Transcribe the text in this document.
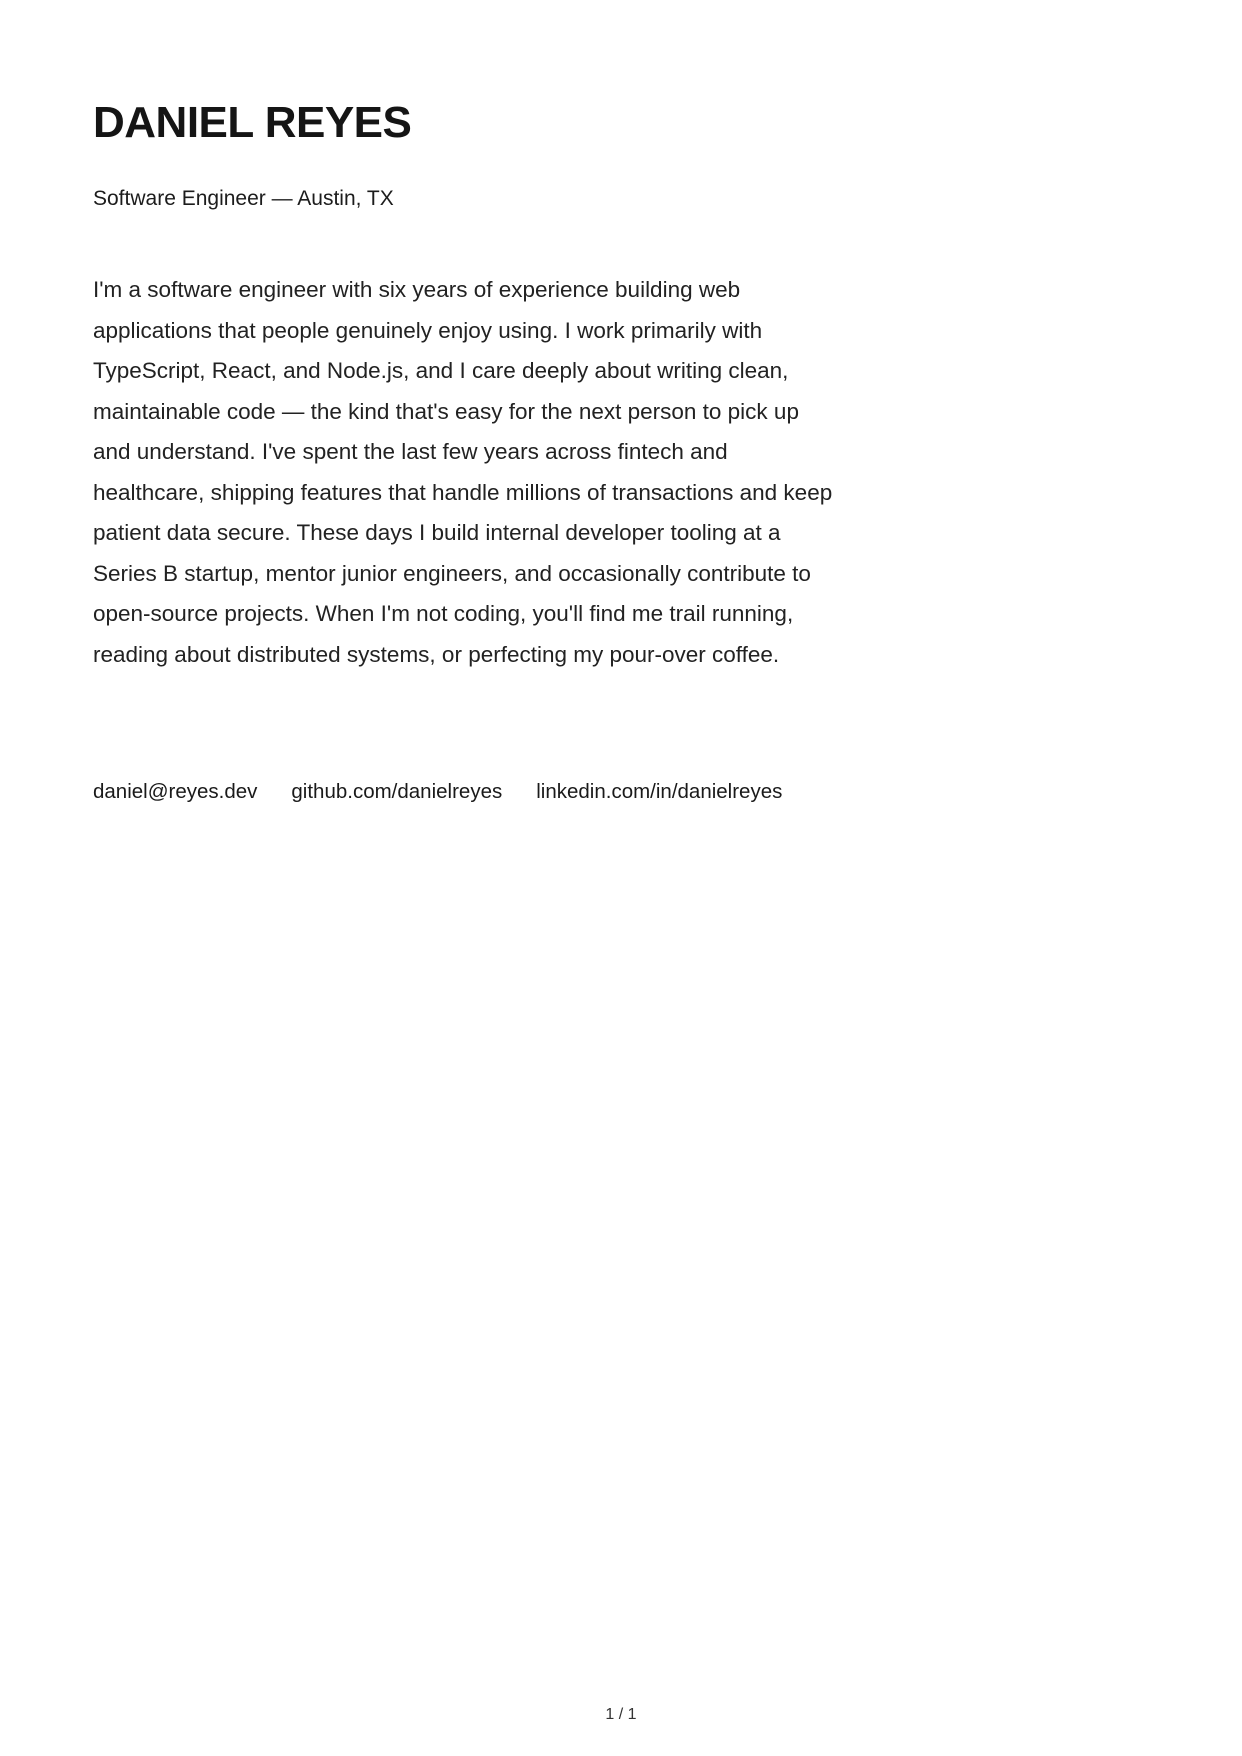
DANIEL REYES

Software Engineer — Austin, TX

I'm a software engineer with six years of experience building web applications that people genuinely enjoy using. I work primarily with TypeScript, React, and Node.js, and I care deeply about writing clean, maintainable code — the kind that's easy for the next person to pick up and understand. I've spent the last few years across fintech and healthcare, shipping features that handle millions of transactions and keep patient data secure. These days I build internal developer tooling at a Series B startup, mentor junior engineers, and occasionally contribute to open-source projects. When I'm not coding, you'll find me trail running, reading about distributed systems, or perfecting my pour-over coffee.

daniel@reyes.dev github.com/danielreyes linkedin.com/in/danielreyes
1 / 1
